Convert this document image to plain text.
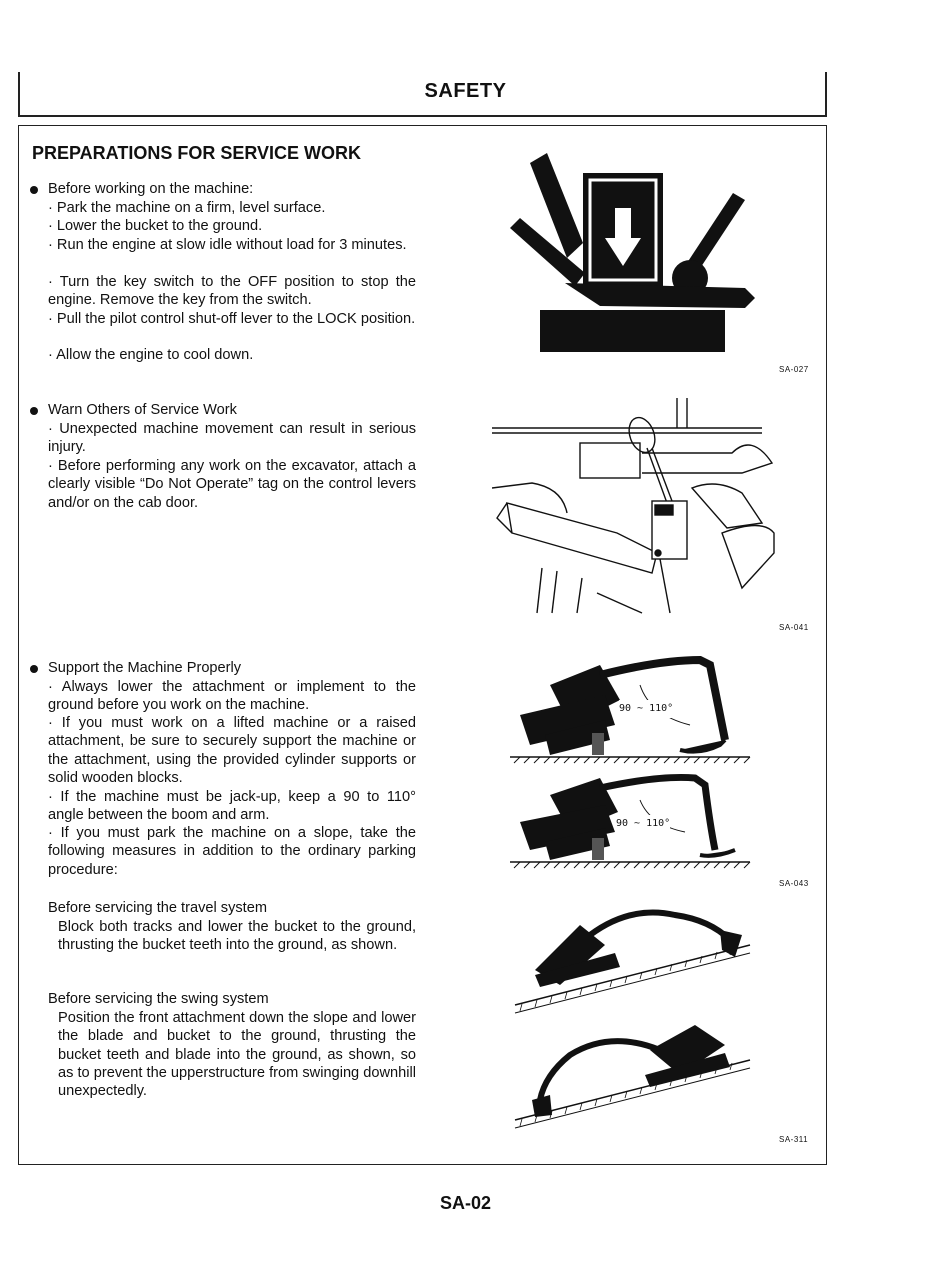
SAFETY
PREPARATIONS FOR SERVICE WORK
Before working on the machine:
· Park the machine on a firm, level surface.
· Lower the bucket to the ground.
· Run the engine at slow idle without load for 3 minutes.
· Turn the key switch to the OFF position to stop the engine. Remove the key from the switch.
· Pull the pilot control shut-off lever to the LOCK position.
· Allow the engine to cool down.
Warn Others of Service Work
· Unexpected machine movement can result in serious injury.
· Before performing any work on the excavator, attach a clearly visible “Do Not Operate” tag on the control levers and/or on the cab door.
Support the Machine Properly
· Always lower the attachment or implement to the ground before you work on the machine.
· If you must work on a lifted machine or a raised attachment, be sure to securely support the machine or the attachment, using the provided cylinder supports or solid wooden blocks.
· If the machine must be jack-up, keep a 90 to 110° angle between the boom and arm.
· If you must park the machine on a slope, take the following measures in addition to the ordinary parking procedure:
Before servicing the travel system
Block both tracks and lower the bucket to the ground, thrusting the bucket teeth into the ground, as shown.
Before servicing the swing system
Position the front attachment down the slope and lower the blade and bucket to the ground, thrusting the bucket teeth and blade into the ground, as shown, so as to prevent the upperstructure from swinging downhill unexpectedly.
SA-027
SA-041
90 ~ 110°
90 ~ 110°
SA-043
SA-311
SA-02
